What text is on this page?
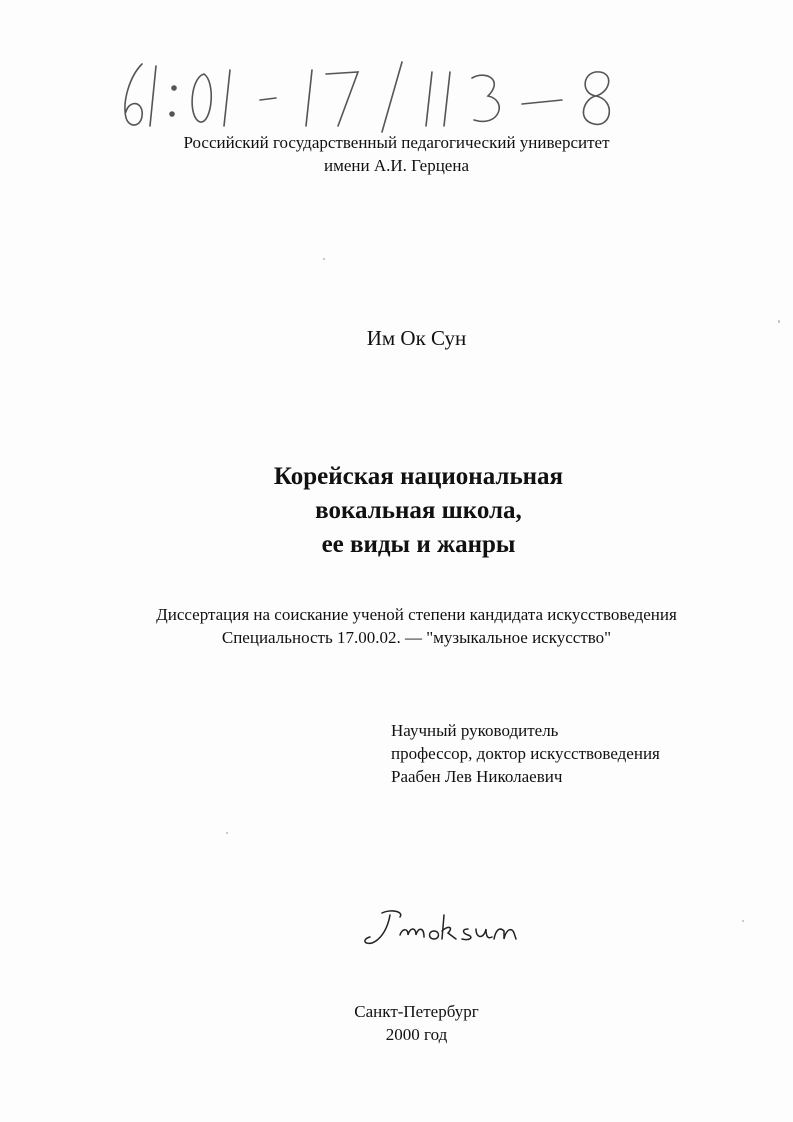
Российский государственный педагогический университет
имени А.И. Герцена
Им Ок Сун
Корейская национальная
вокальная школа,
ее виды и жанры
Диссертация на соискание ученой степени кандидата искусствоведения
Специальность 17.00.02. — "музыкальное искусство"
Научный руководитель
профессор, доктор искусствоведения
Раабен Лев Николаевич
Санкт-Петербург
2000 год
